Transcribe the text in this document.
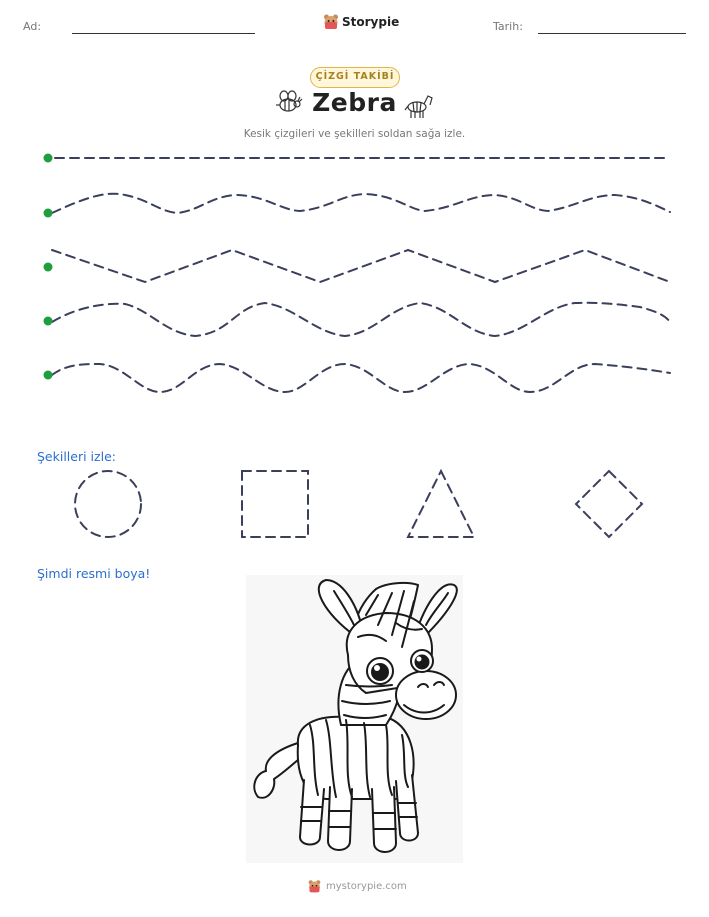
Ad:	Storypie	Tarih:
ÇİZGİ TAKİBİ
Zebra
Kesik çizgileri ve şekilleri soldan sağa izle.
Şekilleri izle:
Şimdi resmi boya!
mystorypie.com
